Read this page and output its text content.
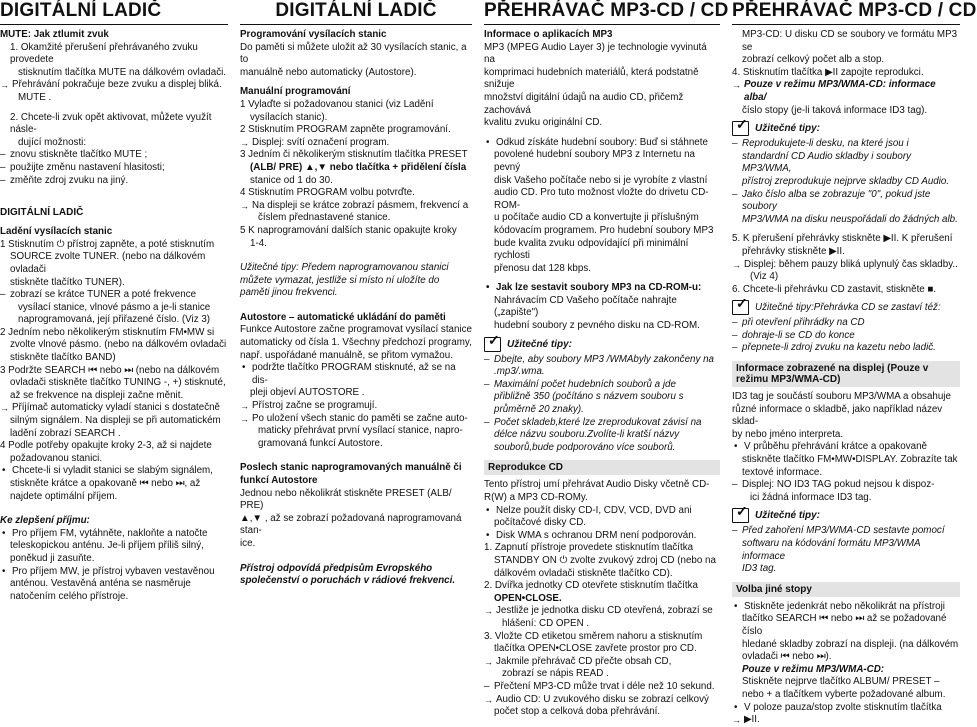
DIGITÁLNÍ LADIČ

MUTE: Jak ztlumit zvuk

1. Okamžité přerušení přehrávaného zvuku provedete

stisknutím tlačítka MUTE na dálkovém ovladači.

→ Přehrávání pokračuje beze zvuku a displej bliká.

MUTE .

2. Chcete-li zvuk opět aktivovat, můžete využít násle-

dující možnosti:

– znovu stiskněte tlačítko MUTE ;

– použijte změnu nastavení hlasitosti;

– změňte zdroj zvuku na jiný.

DIGITÁLNÍ LADIČ

Ladění vysílacích stanic

1 Stisknutím ⏻ přístroj zapněte, a poté stisknutím

SOURCE zvolte TUNER. (nebo na dálkovém ovladači

stiskněte tlačítko TUNER).

– zobrazí se krátce TUNER a poté frekvence

vysílací stanice, vlnové pásmo a je-li stanice

naprogramovaná, její přiřazené číslo. (Viz 3)

2 Jedním nebo několikerým stisknutím FM•MW si

zvolte vlnové pásmo. (nebo na dálkovém ovladači

stiskněte tlačítko BAND)

3 Podržte SEARCH ⏮ nebo ⏭ (nebo na dálkovém

ovladači stiskněte tlačítko TUNING -, +) stisknuté,

až se frekvence na displeji začne měnit.

→ Příjímač automaticky vyladí stanici s dostatečně

silným signálem. Na displeji se při automatickém

ladění zobrazí SEARCH .

4 Podle potřeby opakujte kroky 2-3, až si najdete

požadovanou stanici.

• Chcete-li si vyladit stanici se slabým signálem,

stiskněte krátce a opakovaně ⏮ nebo ⏭, až

najdete optimální příjem.

Ke zlepšení příjmu:

• Pro příjem FM, vytáhněte, nakloňte a natočte

teleskopickou anténu. Je-li příjem příliš silný,

poněkud ji zasuňte.

• Pro příjem MW, je přístroj vybaven vestavěnou

anténou. Vestavěná anténa se nasměruje

natočením celého přístroje.

DIGITÁLNÍ LADIČ

Programování vysílacích stanic

Do paměti si můžete uložit až 30 vysílacích stanic, a to

manuálně nebo automaticky (Autostore).

Manuální programování

1 Vylaďte si požadovanou stanici (viz Ladění

vysílacích stanic).

2 Stisknutím PROGRAM zapněte programování.

→ Displej: svítí označení program.

3 Jedním či několikerým stisknutím tlačítka PRESET

(ALB/ PRE) ▲,▼ nebo tlačítka + přidělení čísla

stanice od 1 do 30.

4 Stisknutím PROGRAM volbu potvrďte.

→ Na displeji se krátce zobrazí pásmem, frekvencí a

číslem přednastavené stanice.

5 K naprogramování dalších stanic opakujte kroky

1-4.

Užitečné tipy: Předem naprogramovanou stanici

můžete vymazat, jestliže si místo ní uložíte do

paměti jinou frekvenci.

Autostore – automatické ukládání do paměti

Funkce Autostore začne programovat vysílací stanice

automaticky od čísla 1. Všechny předchozí programy,

např. uspořádané manuálně, se přitom vymažou.

• podržte tlačítko PROGRAM stisknuté, až se na dis-

pleji objeví AUTOSTORE .

→ Přístroj začne se programují.

→ Po uložení všech stanic do paměti se začne auto-

maticky přehrávat první vysílací stanice, napro-

gramovaná funkcí Autostore.

Poslech stanic naprogramovaných manuálně či funkcí Autostore

Jednou nebo několikrát stiskněte PRESET (ALB/ PRE)

▲,▼ , až se zobrazí požadovaná naprogramovaná stan-

ice.

Přístroj odpovídá předpisům Evropského společenství o poruchách v rádiové frekvenci.

PŘEHRÁVAČ MP3-CD / CD

Informace o aplikacích MP3

MP3 (MPEG Audio Layer 3) je technologie vyvinutá na

komprimaci hudebních materiálů, která podstatně snižuje

množství digitální údajů na audio CD, přičemž zachovává

kvalitu zvuku originální CD.

• Odkud získáte hudební soubory: Buď si stáhnete

povolené hudební soubory MP3 z Internetu na pevný

disk Vašeho počítače nebo si je vyrobíte z vlastní

audio CD. Pro tuto možnost vložte do drivetu CD-ROM-

u počítače audio CD a konvertujte ji příslušným

kódovacím programem. Pro hudební soubory MP3

bude kvalita zvuku odpovídající při minimální rychlosti

přenosu dat 128 kbps.

• Jak lze sestavit soubory MP3 na CD-ROM-u:

Nahrávacím CD Vašeho počítače nahrajte („zapište")

hudební soubory z pevného disku na CD-ROM.

✓
Užitečné tipy:

– Dbejte, aby soubory MP3 /WMAbyly zakončeny na

.mp3/.wma.

– Maximální počet hudebních souborů a jde

přibližně 350 (počítáno s názvem souboru s

průměrně 20 znaky).

– Počet skladeb,které lze zreprodukovat závisí na

délce názvu souboru.Zvolíte-li kratší názvy

souborů,bude podporováno více souborů.

Reprodukce CD

Tento přístroj umí přehrávat Audio Disky včetně CD-

R(W) a MP3 CD-ROMy.

• Nelze použít disky CD-I, CDV, VCD, DVD ani

počítačové disky CD.

• Disk WMA s ochranou DRM není podporován.

1. Zapnutí přístroje provedete stisknutím tlačítka

STANDBY ON ⏻ zvolte zvukový zdroj CD (nebo na

dálkovém ovladači stiskněte tlačítko CD).

2. Dvířka jednotky CD otevřete stisknutím tlačítka

OPEN•CLOSE.

→ Jestliže je jednotka disku CD otevřená, zobrazí se

hlášení: CD OPEN .

3. Vložte CD etiketou směrem nahoru a stisknutím

tlačítka OPEN•CLOSE zavřete prostor pro CD.

→ Jakmile přehrávač CD přečte obsah CD,

zobrazí se nápis READ .

– Přečtení MP3-CD může trvat i déle než 10 sekund.

→ Audio CD: U zvukového disku se zobrazí celkový

počet stop a celková doba přehrávání.

PŘEHRÁVAČ MP3-CD / CD

MP3-CD: U disku CD se soubory ve formátu MP3 se

zobrazí celkový počet alb a stop.

4. Stisknutím tlačítka ▶II zapojte reprodukci.

→ Pouze v režimu MP3/WMA-CD: informace alba/

číslo stopy (je-li taková informace ID3 tag).

✓
Užitečné tipy:

– Reprodukujete-li desku, na které jsou i

standardní CD Audio skladby i soubory MP3/WMA,

přístroj zreprodukuje nejprve skladby CD Audio.

– Jako číslo alba se zobrazuje "0", pokud jste soubory

MP3/WMA na disku neuspořádali do žádných alb.

5. K přerušení přehrávky stiskněte ▶II. K přerušení

přehrávky stiskněte ▶II.

→ Displej: během pauzy bliká uplynulý čas skladby..

(Viz 4)

6. Chcete-li přehrávku CD zastavit, stiskněte ■.

✓
Užitečné tipy:Přehrávka CD se zastaví též:

– při otevření přihrádky na CD

– dohraje-li se CD do konce

– přepnete-li zdroj zvuku na kazetu nebo ladič.

Informace zobrazené na displej (Pouze v režimu MP3/WMA-CD)

ID3 tag je součástí souboru MP3/WMA a obsahuje

různé informace o skladbě, jako například název sklad-

by nebo jméno interpreta.

• V průběhu přehrávání krátce a opakovaně

stiskněte tlačítko FM•MW•DISPLAY. Zobrazíte tak

textové informace.

– Displej: NO ID3 TAG pokud nejsou k dispoz-

ici žádná informace ID3 tag.

✓
Užitečné tipy:

– Před zahoření MP3/WMA-CD sestavte pomocí

softwaru na kódování formátu MP3/WMA informace

ID3 tag.

Volba jiné stopy

• Stiskněte jedenkrát nebo několikrát na přístroji

tlačítko SEARCH ⏮ nebo ⏭ až se požadované číslo

hledané skladby zobrazí na displeji. (na dálkovém

ovladači ⏮ nebo ⏭).

Pouze v režimu MP3/WMA-CD:

Stiskněte nejprve tlačítko ALBUM/ PRESET –

nebo + a tlačítkem vyberte požadované album.

• V poloze pauza/stop zvolte stisknutím tlačítka

→ ▶II.
